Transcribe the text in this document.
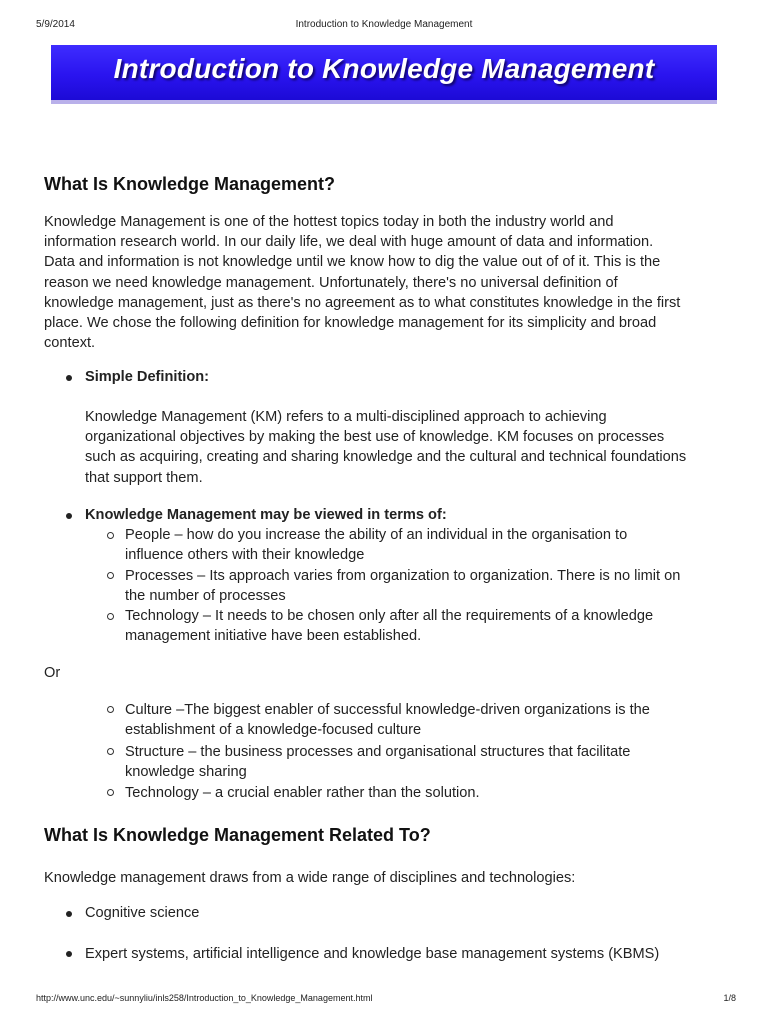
5/9/2014	Introduction to Knowledge Management
Introduction to Knowledge Management
What Is Knowledge Management?

Knowledge Management is one of the hottest topics today in both the industry world and

information research world. In our daily life, we deal with huge amount of data and information.

Data and information is not knowledge until we know how to dig the value out of of it. This is the

reason we need knowledge management. Unfortunately, there's no universal definition of

knowledge management, just as there's no agreement as to what constitutes knowledge in the first

place. We chose the following definition for knowledge management for its simplicity and broad

context.

Simple Definition:

Knowledge Management (KM) refers to a multi-disciplined approach to achieving

organizational objectives by making the best use of knowledge. KM focuses on processes

such as acquiring, creating and sharing knowledge and the cultural and technical foundations

that support them.

Knowledge Management may be viewed in terms of:

People – how do you increase the ability of an individual in the organisation to

influence others with their knowledge

Processes – Its approach varies from organization to organization. There is no limit on

the number of processes

Technology – It needs to be chosen only after all the requirements of a knowledge

management initiative have been established.

Or

Culture –The biggest enabler of successful knowledge-driven organizations is the

establishment of a knowledge-focused culture

Structure – the business processes and organisational structures that facilitate

knowledge sharing

Technology – a crucial enabler rather than the solution.

What Is Knowledge Management Related To?

Knowledge management draws from a wide range of disciplines and technologies:

Cognitive science

Expert systems, artificial intelligence and knowledge base management systems (KBMS)

http://www.unc.edu/~sunnyliu/inls258/Introduction_to_Knowledge_Management.html	1/8
